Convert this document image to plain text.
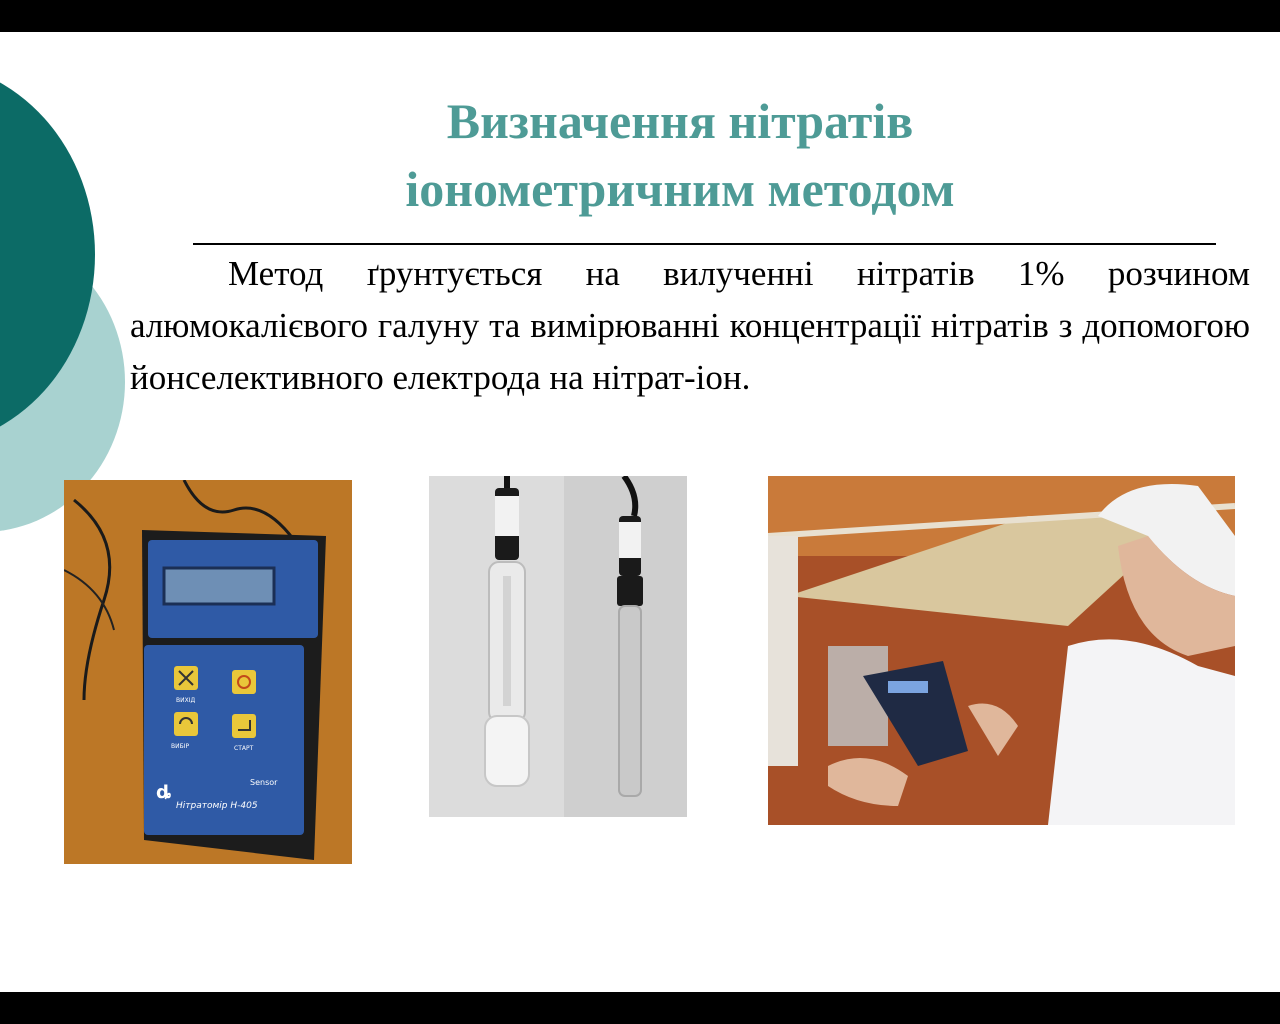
Визначення нітратів
іонометричним методом
Метод ґрунтується на вилученні нітратів 1% розчином алюмокалієвого галуну та вимірюванні концентрації нітратів з допомогою йонселективного електрода на нітрат-іон.
ВИХІД
ВИБІР	СТАРТ
ȡ	Sensor
Нітратомір Н-405
